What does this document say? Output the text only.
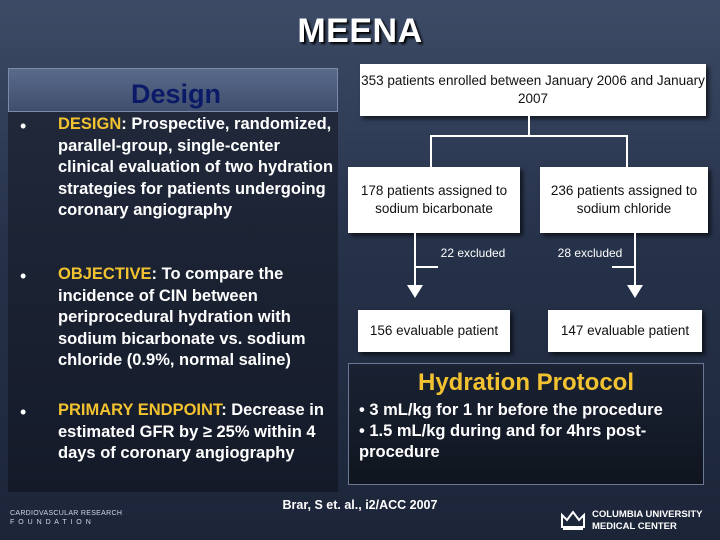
MEENA
Design
• DESIGN: Prospective, randomized, parallel-group, single-center clinical evaluation of two hydration strategies for patients undergoing coronary angiography
• OBJECTIVE: To compare the incidence of CIN between periprocedural hydration with sodium bicarbonate vs. sodium chloride (0.9%, normal saline)
• PRIMARY ENDPOINT: Decrease in estimated GFR by ≥ 25% within 4 days of coronary angiography
353 patients enrolled between January 2006 and January 2007
178 patients assigned to sodium bicarbonate
236 patients assigned to sodium chloride
22 excluded	28 excluded
156 evaluable patient	147 evaluable patient
Hydration Protocol
• 3 mL/kg for 1 hr before the procedure
• 1.5 mL/kg during and for 4hrs post-procedure
Brar, S et. al., i2/ACC 2007
CARDIOVASCULAR RESEARCH
F O U N D A T I O N
COLUMBIA UNIVERSITY
MEDICAL CENTER
